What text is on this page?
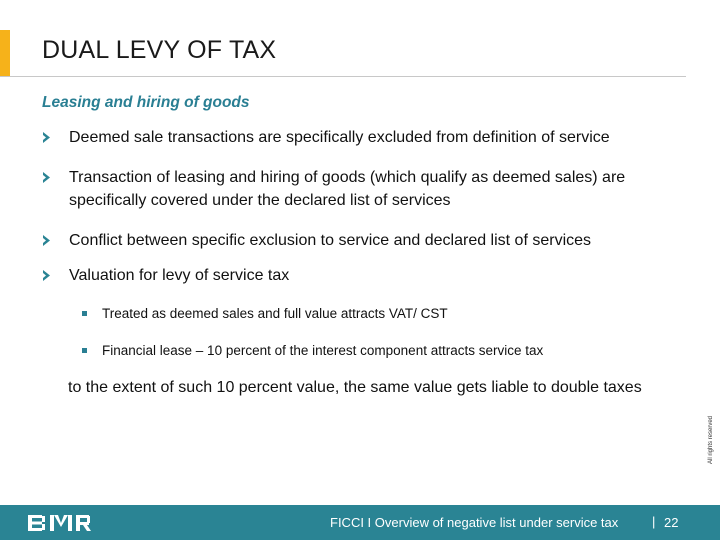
DUAL LEVY OF TAX
Leasing and hiring of goods
Deemed sale transactions are specifically excluded from definition of service
Transaction of leasing and hiring of goods (which qualify as deemed sales) are specifically covered under the declared list of services
Conflict between specific exclusion to service and declared list of services
Valuation for levy of service tax
Treated as deemed sales and full value attracts VAT/ CST
Financial lease – 10 percent of the interest component attracts service tax
to the extent of such 10 percent value, the same value gets liable to double taxes
All rights reserved
FICCI I Overview of negative list under service tax	| 22
